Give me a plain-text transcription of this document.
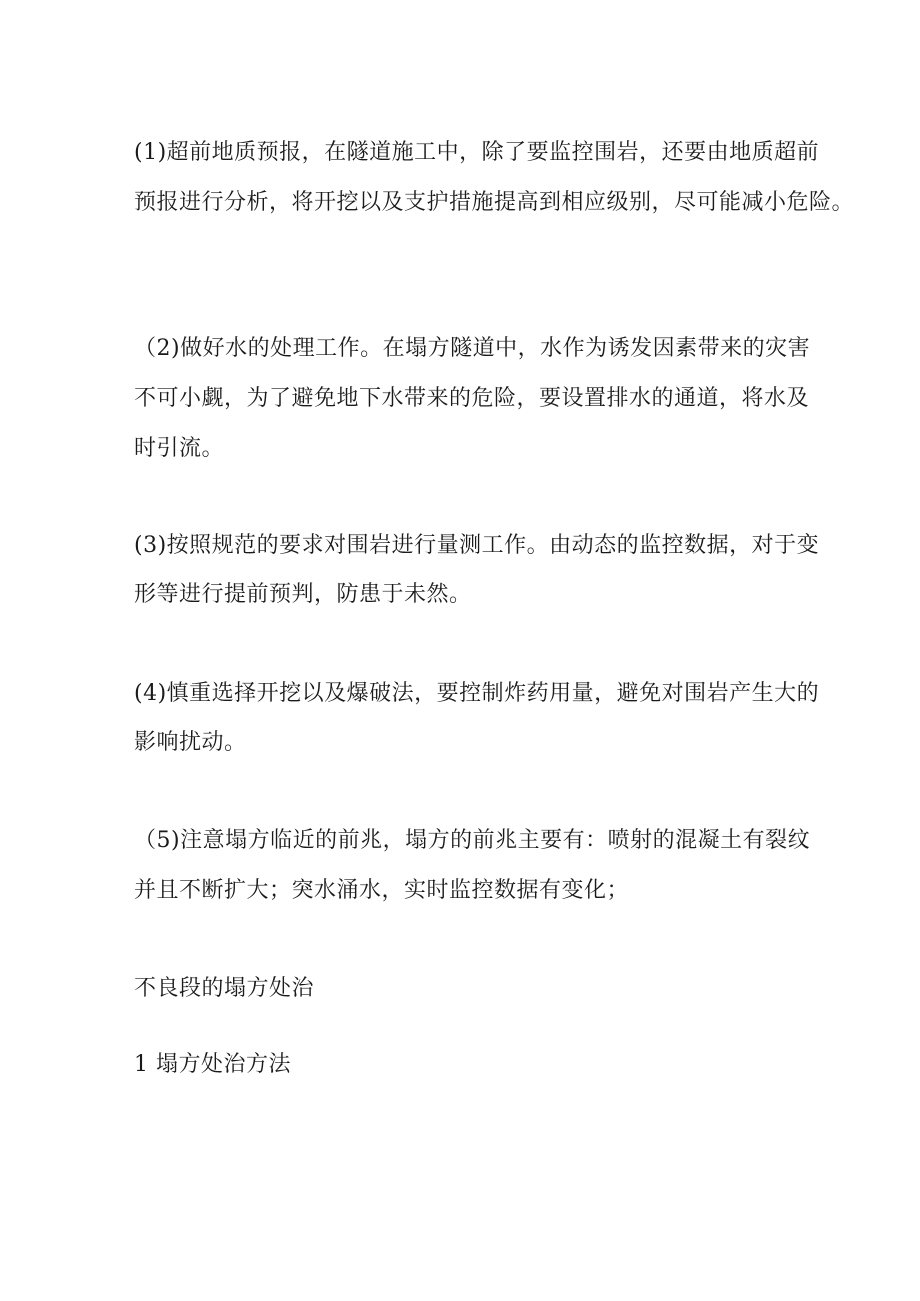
(1)超前地质预报，在隧道施工中，除了要监控围岩，还要由地质超前

预报进行分析，将开挖以及支护措施提高到相应级别，尽可能减小危险。

（2)做好水的处理工作。在塌方隧道中，水作为诱发因素带来的灾害

不可小觑，为了避免地下水带来的危险，要设置排水的通道，将水及

时引流。

(3)按照规范的要求对围岩进行量测工作。由动态的监控数据，对于变

形等进行提前预判，防患于未然。

(4)慎重选择开挖以及爆破法，要控制炸药用量，避免对围岩产生大的

影响扰动。

（5)注意塌方临近的前兆，塌方的前兆主要有：喷射的混凝土有裂纹

并且不断扩大；突水涌水，实时监控数据有变化；

不良段的塌方处治

1 塌方处治方法
